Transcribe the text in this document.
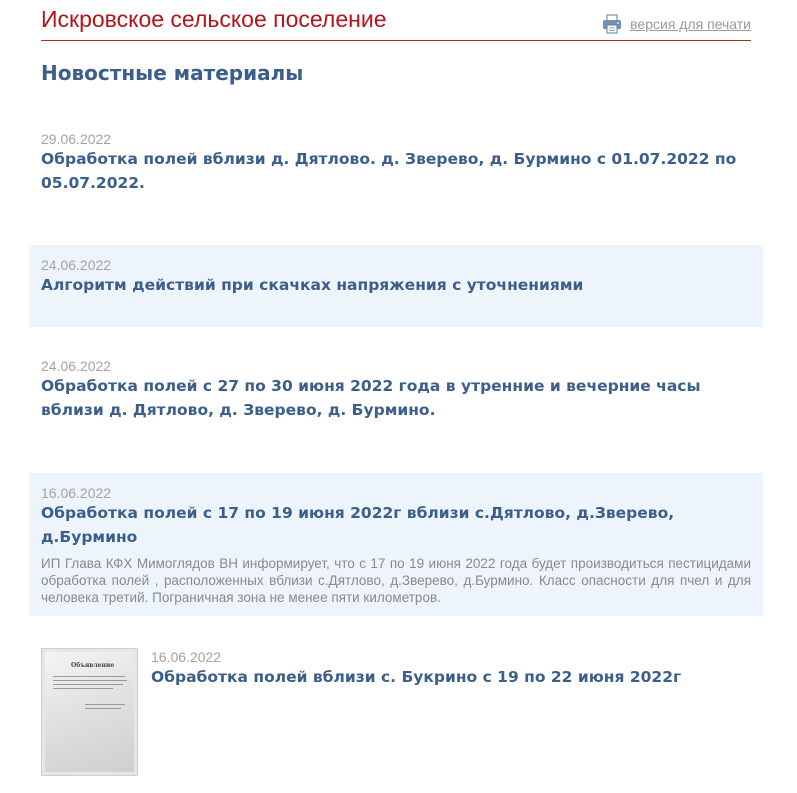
Искровское сельское поселение	версия для печати
Новостные материалы
29.06.2022
Обработка полей вблизи д. Дятлово. д. Зверево, д. Бурмино с 01.07.2022 по 05.07.2022.
24.06.2022
Алгоритм действий при скачках напряжения с уточнениями
24.06.2022
Обработка полей с 27 по 30 июня 2022 года в утренние и вечерние часы вблизи д. Дятлово, д. Зверево, д. Бурмино.
16.06.2022
Обработка полей с 17 по 19 июня 2022г вблизи с.Дятлово, д.Зверево, д.Бурмино
ИП Глава КФХ Мимоглядов ВН информирует, что с 17 по 19 июня 2022 года будет производиться пестицидами обработка полей , расположенных вблизи с.Дятлово, д.Зверево, д.Бурмино. Класс опасности для пчел и для человека третий. Пограничная зона не менее пяти километров.
Объявление
16.06.2022
Обработка полей вблизи с. Букрино с 19 по 22 июня 2022г
